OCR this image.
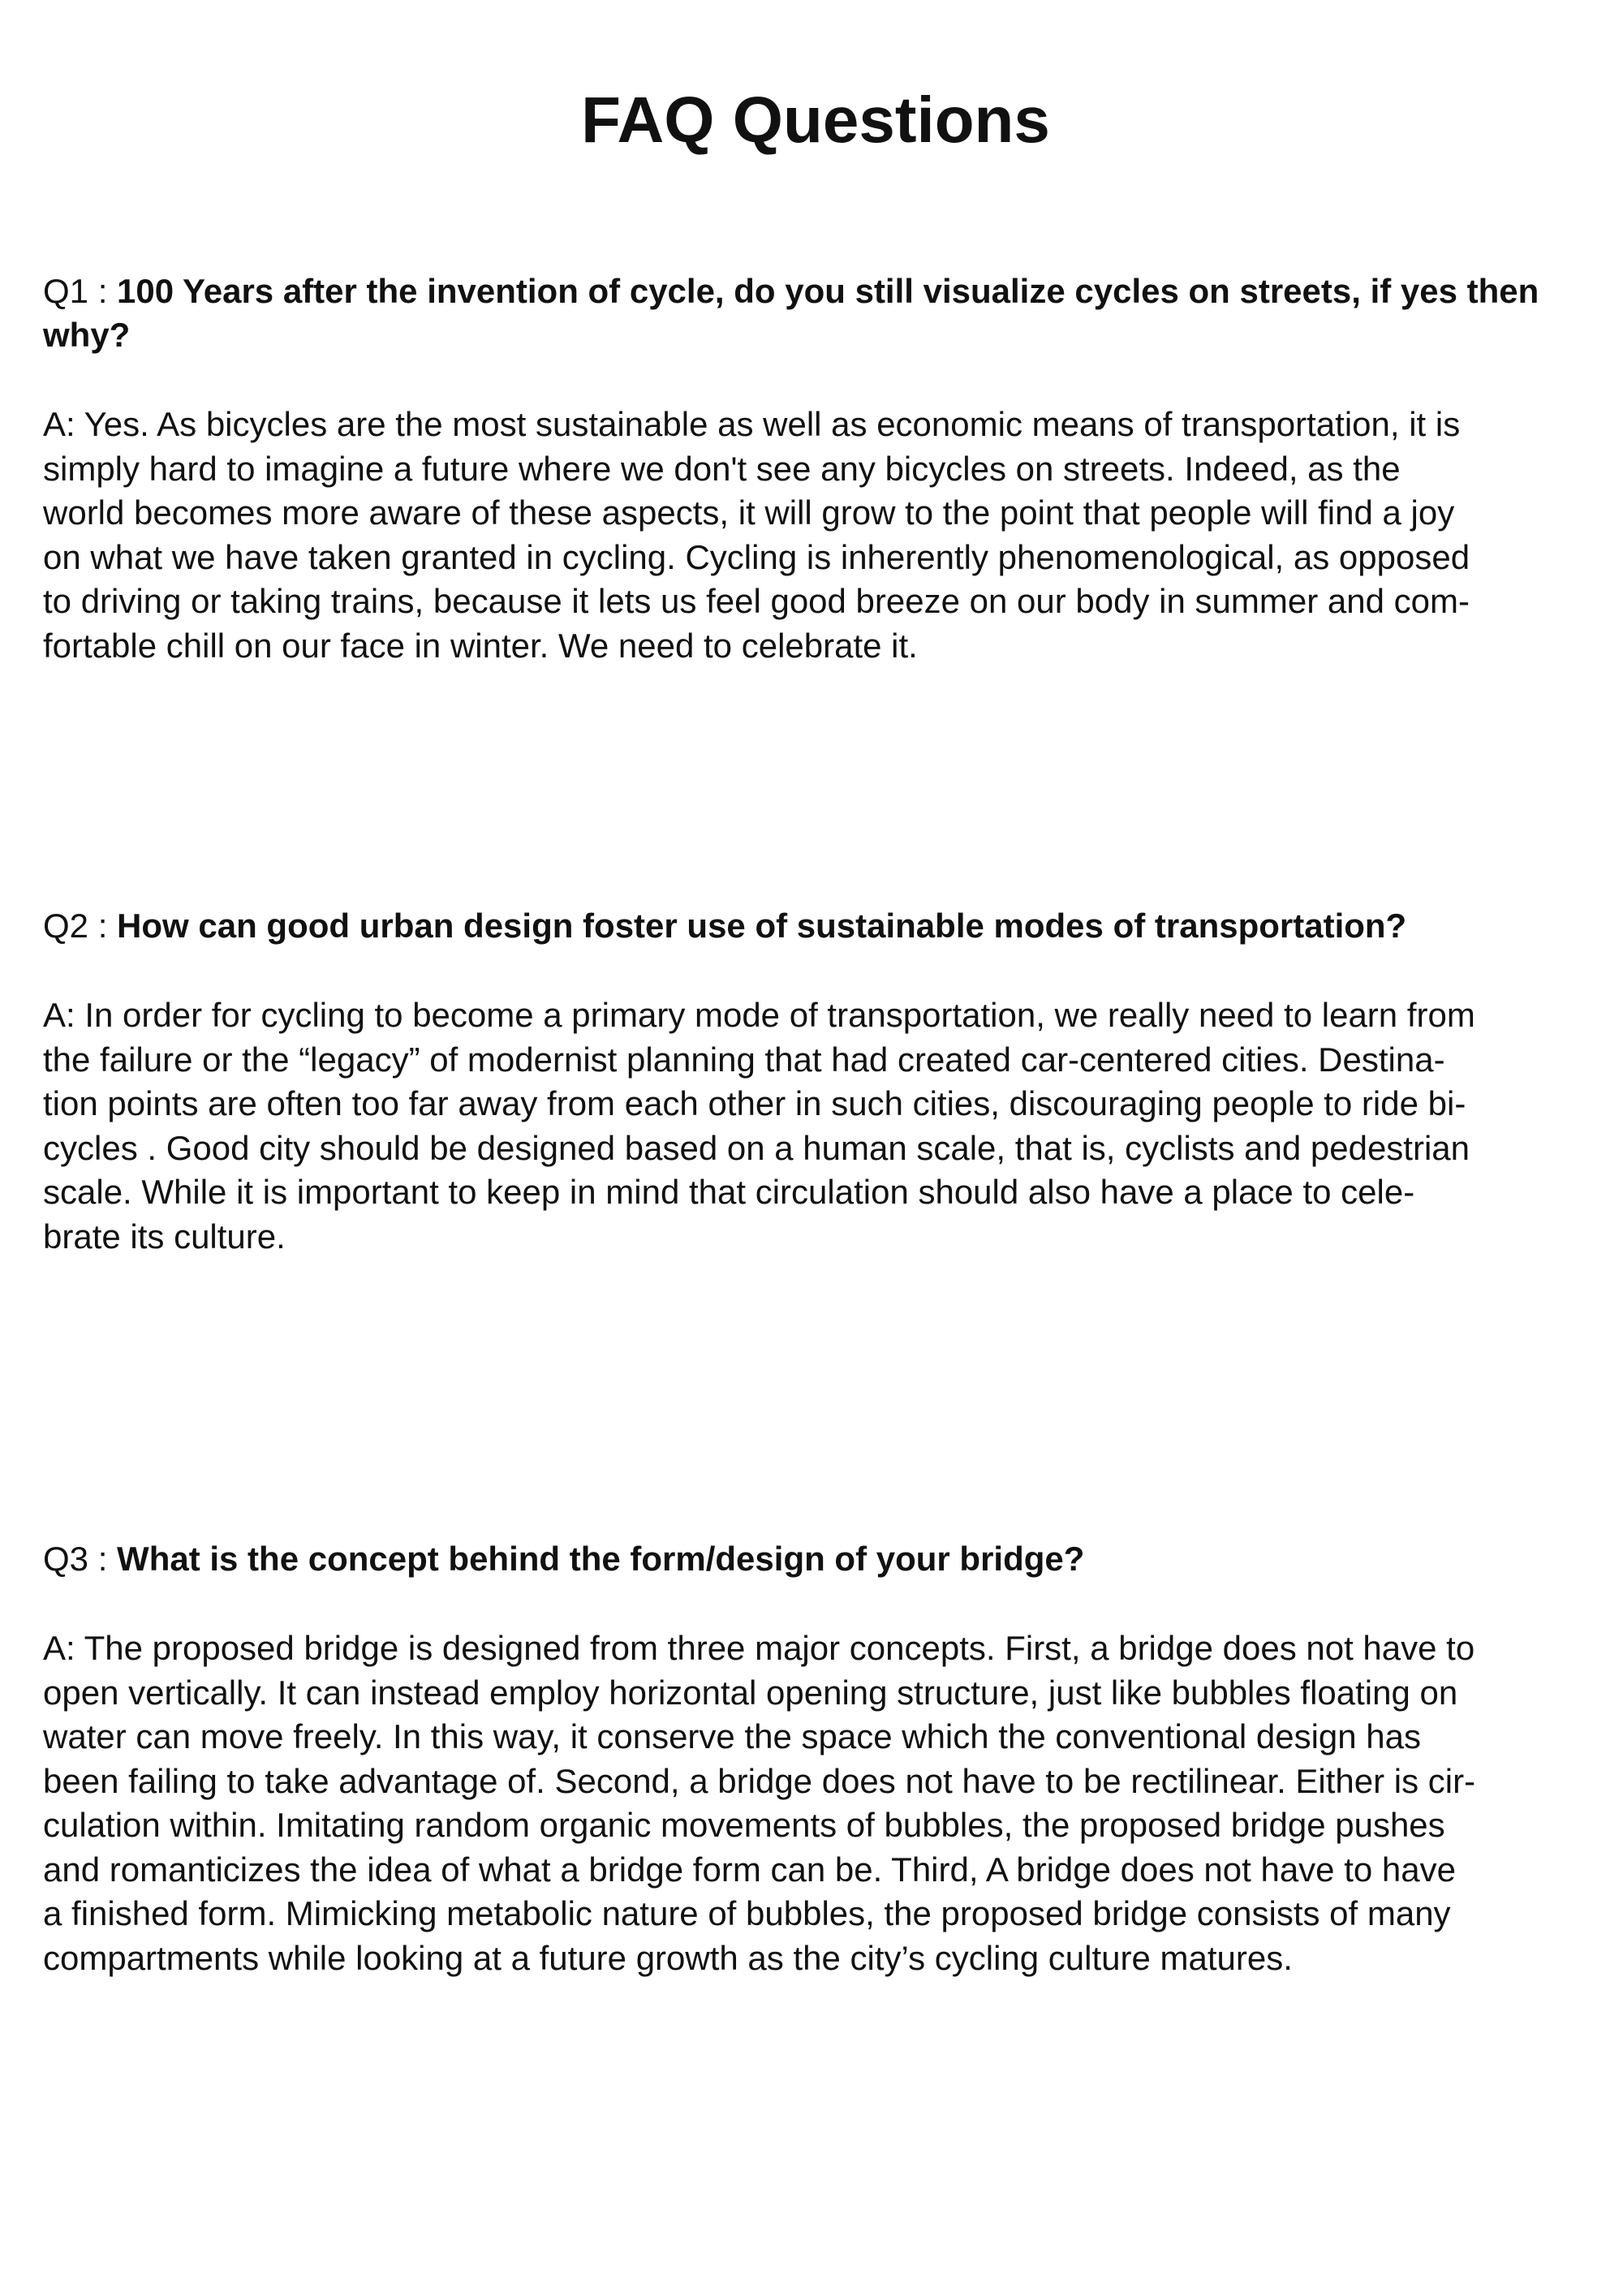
FAQ Questions

Q1 : 100 Years after the invention of cycle, do you still visualize cycles on streets, if yes then why?

A: Yes. As bicycles are the most sustainable as well as economic means of transportation, it is
simply hard to imagine a future where we don't see any bicycles on streets. Indeed, as the
world becomes more aware of these aspects, it will grow to the point that people will find a joy
on what we have taken granted in cycling. Cycling is inherently phenomenological, as opposed
to driving or taking trains, because it lets us feel good breeze on our body in summer and com-
fortable chill on our face in winter. We need to celebrate it.

Q2 : How can good urban design foster use of sustainable modes of transportation?

A: In order for cycling to become a primary mode of transportation, we really need to learn from
the failure or the “legacy” of modernist planning that had created car-centered cities. Destina-
tion points are often too far away from each other in such cities, discouraging people to ride bi-
cycles . Good city should be designed based on a human scale, that is, cyclists and pedestrian
scale. While it is important to keep in mind that circulation should also have a place to cele-
brate its culture.

Q3 : What is the concept behind the form/design of your bridge?

A: The proposed bridge is designed from three major concepts. First, a bridge does not have to
open vertically. It can instead employ horizontal opening structure, just like bubbles floating on
water can move freely. In this way, it conserve the space which the conventional design has
been failing to take advantage of. Second, a bridge does not have to be rectilinear. Either is cir-
culation within. Imitating random organic movements of bubbles, the proposed bridge pushes
and romanticizes the idea of what a bridge form can be. Third, A bridge does not have to have
a finished form. Mimicking metabolic nature of bubbles, the proposed bridge consists of many
compartments while looking at a future growth as the city’s cycling culture matures.
